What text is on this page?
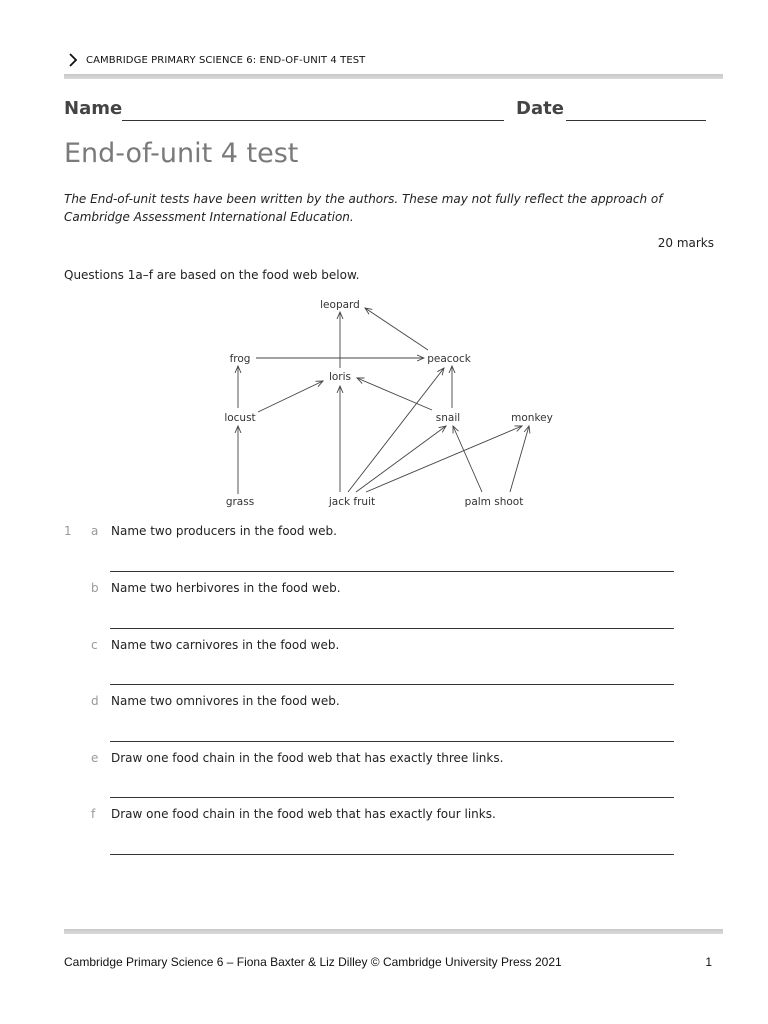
CAMBRIDGE PRIMARY SCIENCE 6: END-OF-UNIT 4 TEST
Name	Date
End-of-unit 4 test

The End-of-unit tests have been written by the authors. These may not fully reflect the approach of Cambridge Assessment International Education.

20 marks
Questions 1a–f are based on the food web below.
leopard
frog	peacock
loris
locust	snail	monkey
grass	jack fruit	palm shoot
1 a Name two producers in the food web.
b Name two herbivores in the food web.
c Name two carnivores in the food web.
d Name two omnivores in the food web.
e Draw one food chain in the food web that has exactly three links.
f Draw one food chain in the food web that has exactly four links.
Cambridge Primary Science 6 – Fiona Baxter & Liz Dilley © Cambridge University Press 2021	1
